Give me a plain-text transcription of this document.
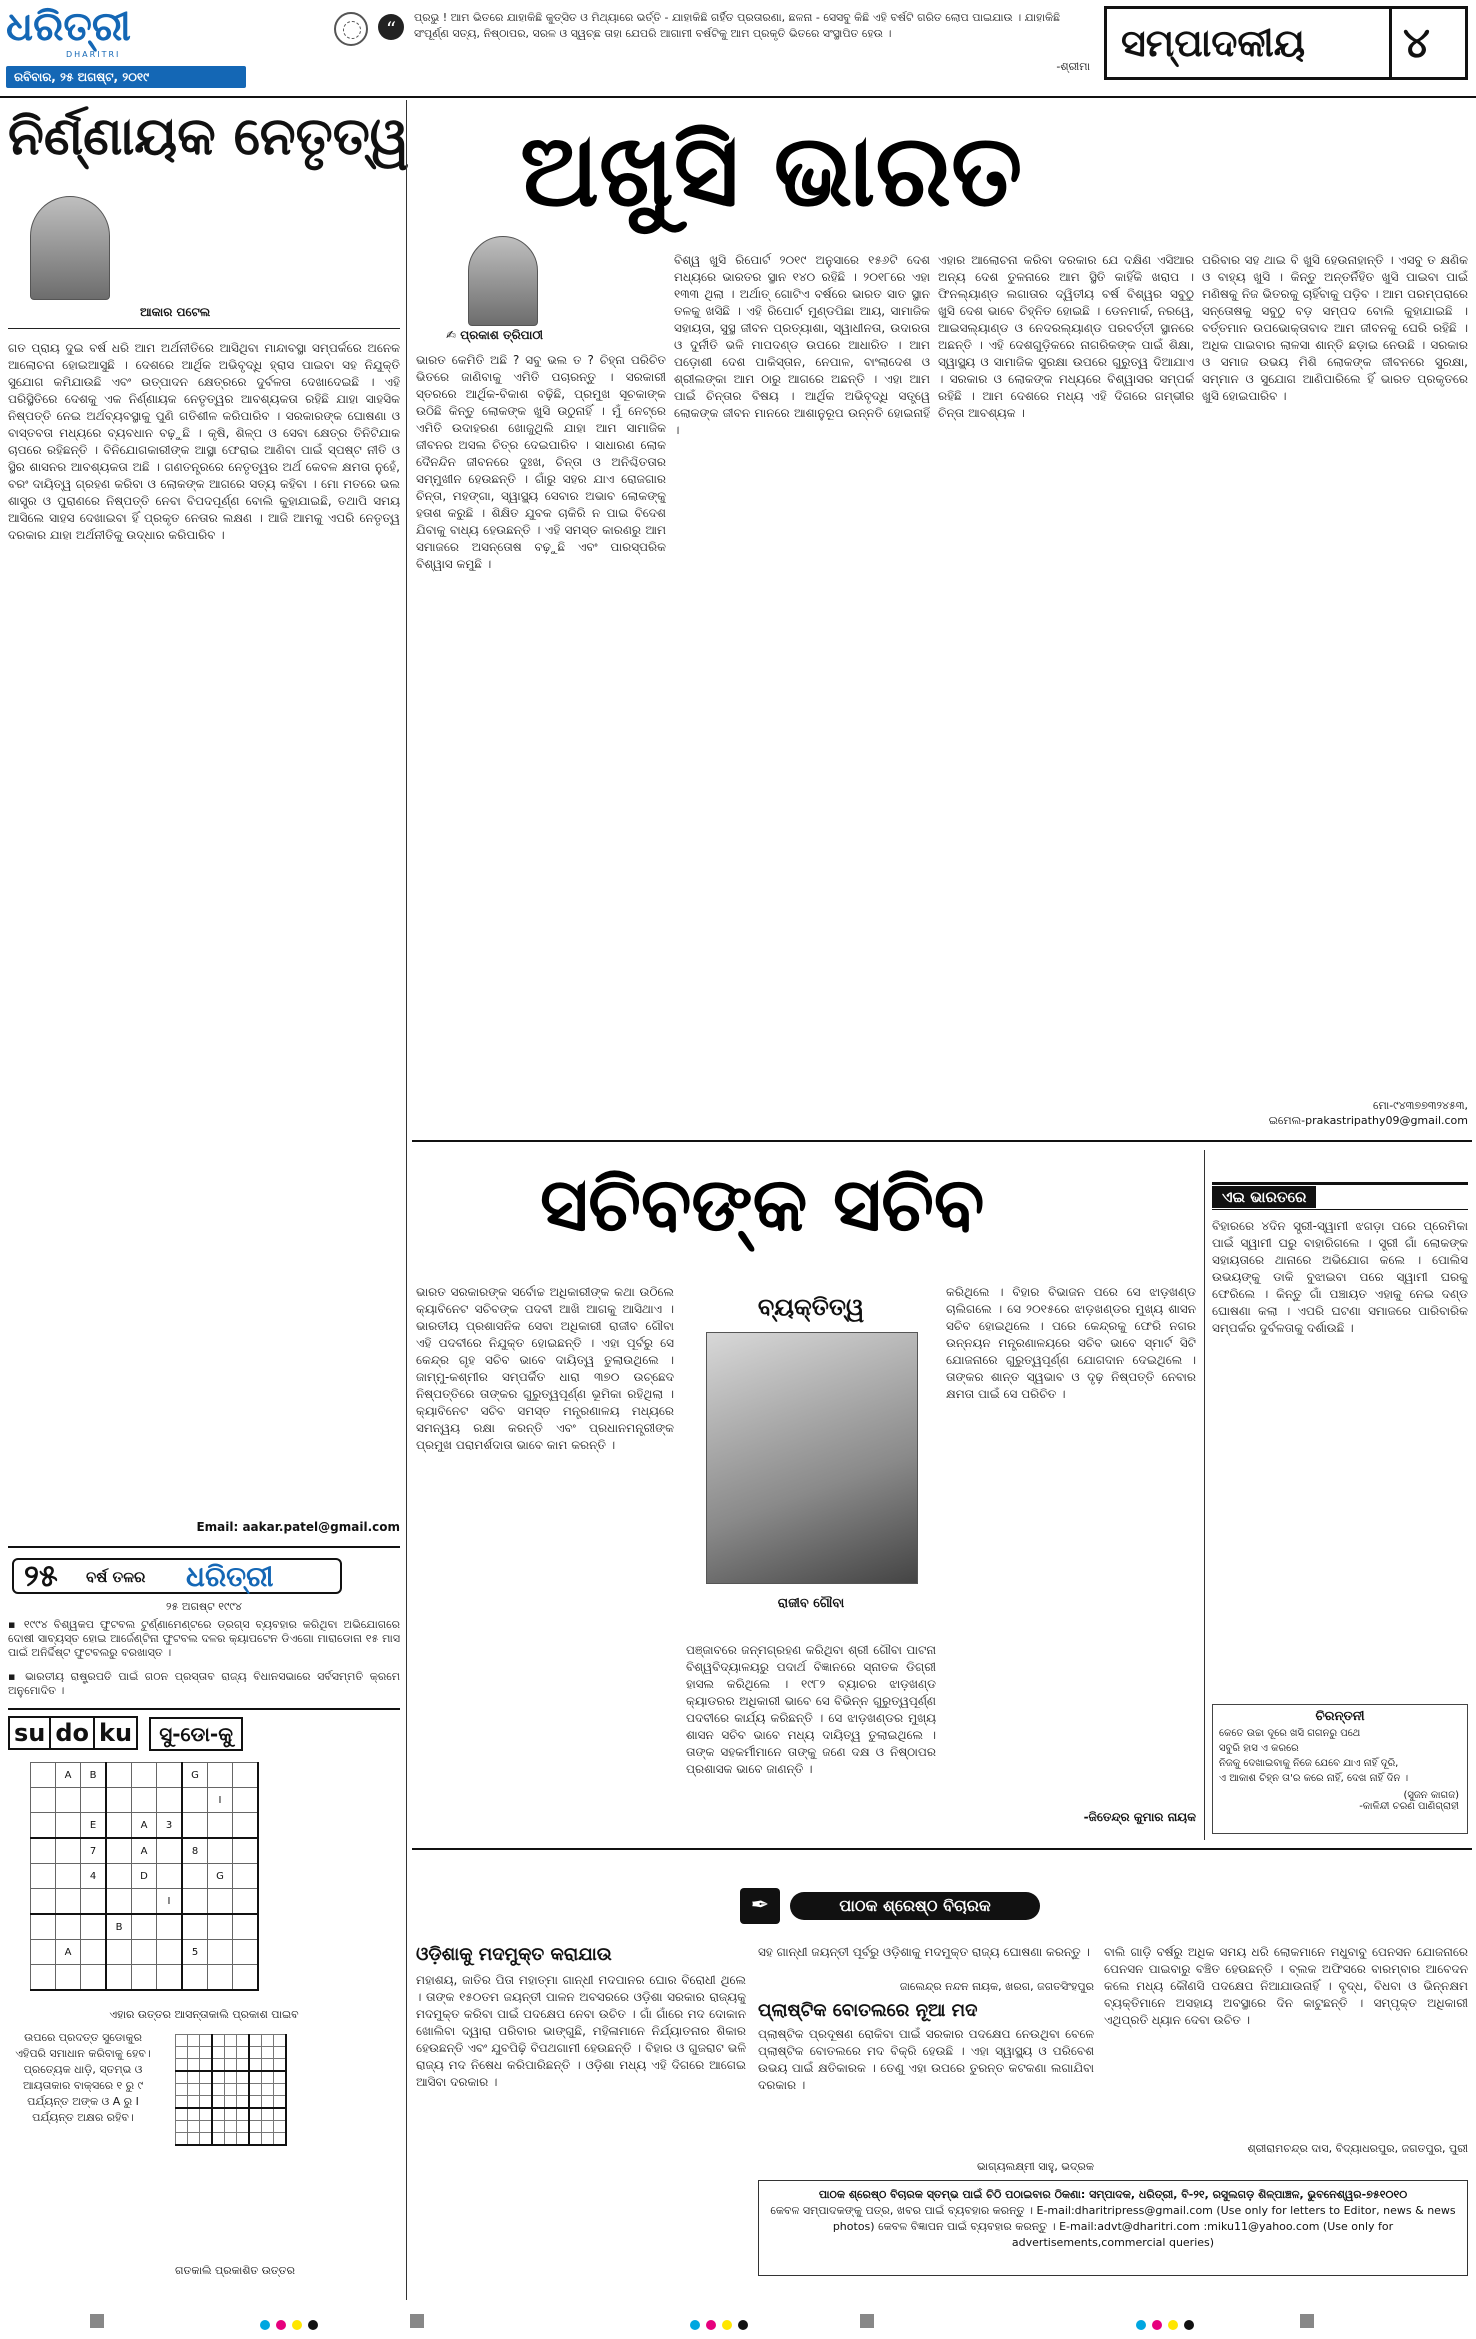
ଧରିତ୍ରୀ
DHARITRI
ରବିବାର, ୨୫ ଅଗଷ୍ଟ, ୨୦୧୯
“	ପ୍ରଭୁ ! ଆମ ଭିତରେ ଯାହାକିଛି କୁତ୍ସିତ ଓ ମିଥ୍ୟାରେ ଭର୍ତ୍ତି - ଯାହାକିଛି ଗର୍ହିତ ପ୍ରତାରଣା, ଛଳନା - ସେସବୁ କିଛି ଏହି ବର୍ଷଟି ଗରିତ ଲୋପ ପାଇଯାଉ । ଯାହାକିଛି ସଂପୂର୍ଣ୍ଣ ସତ୍ୟ, ନିଷ୍ଠାପର, ସରଳ ଓ ସ୍ୱଚ୍ଛ ତାହା ଯେପରି ଆଗାମୀ ବର୍ଷଟିକୁ ଆମ ପ୍ରକୃତି ଭିତରେ ସଂସ୍ଥାପିତ ହେଉ ।
-ଶ୍ରୀମା
ସମ୍ପାଦକୀୟ ୪
ନିର୍ଣ୍ଣାୟକ ନେତୃତ୍ୱ
ଆକାର ପଟେଲ
ଗତ ପ୍ରାୟ ଦୁଇ ବର୍ଷ ଧରି ଆମ ଅର୍ଥନୀତିରେ ଆସିଥିବା ମାନ୍ଦାବସ୍ଥା ସମ୍ପର୍କରେ ଅନେକ ଆଲୋଚନା ହୋଇଆସୁଛି । ଦେଶରେ ଆର୍ଥିକ ଅଭିବୃଦ୍ଧି ହ୍ରାସ ପାଇବା ସହ ନିଯୁକ୍ତି ସୁଯୋଗ କମିଯାଉଛି ଏବଂ ଉତ୍ପାଦନ କ୍ଷେତ୍ରରେ ଦୁର୍ବଳତା ଦେଖାଦେଇଛି । ଏହି ପରିସ୍ଥିତିରେ ଦେଶକୁ ଏକ ନିର୍ଣ୍ଣାୟକ ନେତୃତ୍ୱର ଆବଶ୍ୟକତା ରହିଛି ଯାହା ସାହସିକ ନିଷ୍ପତ୍ତି ନେଇ ଅର୍ଥବ୍ୟବସ୍ଥାକୁ ପୁଣି ଗତିଶୀଳ କରିପାରିବ । ସରକାରଙ୍କ ଘୋଷଣା ଓ ବାସ୍ତବତା ମଧ୍ୟରେ ବ୍ୟବଧାନ ବଢ଼ୁଛି । କୃଷି, ଶିଳ୍ପ ଓ ସେବା କ୍ଷେତ୍ର ତିନିଟିଯାକ ଚାପରେ ରହିଛନ୍ତି । ବିନିଯୋଗକାରୀଙ୍କ ଆସ୍ଥା ଫେରାଇ ଆଣିବା ପାଇଁ ସ୍ପଷ୍ଟ ନୀତି ଓ ସ୍ଥିର ଶାସନର ଆବଶ୍ୟକତା ଅଛି । ଗଣତନ୍ତ୍ରରେ ନେତୃତ୍ୱର ଅର୍ଥ କେବଳ କ୍ଷମତା ନୁହେଁ, ବରଂ ଦାୟିତ୍ୱ ଗ୍ରହଣ କରିବା ଓ ଲୋକଙ୍କ ଆଗରେ ସତ୍ୟ କହିବା । ମୋ ମତରେ ଭଲ ଶାସ୍ତ୍ର ଓ ପୁରାଣରେ ନିଷ୍ପତ୍ତି ନେବା ବିପଦପୂର୍ଣ୍ଣ ବୋଲି କୁହାଯାଇଛି, ତଥାପି ସମୟ ଆସିଲେ ସାହସ ଦେଖାଇବା ହିଁ ପ୍ରକୃତ ନେତାର ଲକ୍ଷଣ । ଆଜି ଆମକୁ ଏପରି ନେତୃତ୍ୱ ଦରକାର ଯାହା ଅର୍ଥନୀତିକୁ ଉଦ୍ଧାର କରିପାରିବ ।
Email: aakar.patel@gmail.com
୨୫ ବର୍ଷ ତଳର ଧରିତ୍ରୀ
୨୫ ଅଗଷ୍ଟ ୧୯୯୪
▪ ୧୯୯୪ ବିଶ୍ୱକପ ଫୁଟବଲ ଟୁର୍ଣ୍ଣାମେଣ୍ଟରେ ଡ୍ରଗ୍ସ ବ୍ୟବହାର କରିଥିବା ଅଭିଯୋଗରେ ଦୋଷୀ ସାବ୍ୟସ୍ତ ହୋଇ ଆର୍ଜେଣ୍ଟିନା ଫୁଟବଲ ଦଳର କ୍ୟାପଟେନ ଡିଏଗୋ ମାରାଡୋନା ୧୫ ମାସ ପାଇଁ ଅନିର୍ଦ୍ଦିଷ୍ଟ ଫୁଟବଲରୁ ବରଖାସ୍ତ ।
▪ ଭାରତୀୟ ରାଷ୍ଟ୍ରପତି ପାଇଁ ଗଠନ ପ୍ରସ୍ତାବ ରାଜ୍ୟ ବିଧାନସଭାରେ ସର୍ବସମ୍ମତି କ୍ରମେ ଅନୁମୋଦିତ ।
su do ku ସୁ-ଡୋ-କୁ
	A	B				G		
							I	
		E		A	3			
		7		A		8		
		4		D			G	
					I			
			B					
	A					5		

ଏହାର ଉତ୍ତର ଆସନ୍ତାକାଲି ପ୍ରକାଶ ପାଇବ
ଉପରେ ପ୍ରଦତ୍ତ ସୁଡୋକୁର ଏହିପରି ସମାଧାନ କରିବାକୁ ହେବ। ପ୍ରତ୍ୟେକ ଧାଡ଼ି, ସ୍ତମ୍ଭ ଓ ଆୟତାକାର ବାକ୍ସରେ ୧ ରୁ ୯ ପର୍ଯ୍ୟନ୍ତ ଅଙ୍କ ଓ A ରୁ I ପର୍ଯ୍ୟନ୍ତ ଅକ୍ଷର ରହିବ।

ଗତକାଲି ପ୍ରକାଶିତ ଉତ୍ତର
ଅଖୁସି ଭାରତ
✍ ପ୍ରକାଶ ତ୍ରିପାଠୀ
ଭାରତ କେମିତି ଅଛି ? ସବୁ ଭଲ ତ ? ଚିହ୍ନା ପରିଚିତ ଭିତରେ ଜାଣିବାକୁ ଏମିତି ପଚାରନ୍ତୁ । ସରକାରୀ ସ୍ତରରେ ଆର୍ଥିକ-ବିକାଶ ବଢ଼ିଛି, ପ୍ରମୁଖ ସୂଚକାଙ୍କ ଉଠିଛି କିନ୍ତୁ ଲୋକଙ୍କ ଖୁସି ଉଠୁନାହିଁ । ମୁଁ ନେଟ୍ରେ ଏମିତି ଉଦାହରଣ ଖୋଜୁଥିଲି ଯାହା ଆମ ସାମାଜିକ ଜୀବନର ଅସଲ ଚିତ୍ର ଦେଇପାରିବ । ସାଧାରଣ ଲୋକ ଦୈନନ୍ଦିନ ଜୀବନରେ ଦୁଃଖ, ଚିନ୍ତା ଓ ଅନିଶ୍ଚିତତାର ସମ୍ମୁଖୀନ ହେଉଛନ୍ତି । ଗାଁରୁ ସହର ଯାଏ ରୋଜଗାର ଚିନ୍ତା, ମହଙ୍ଗା, ସ୍ୱାସ୍ଥ୍ୟ ସେବାର ଅଭାବ ଲୋକଙ୍କୁ ହତାଶ କରୁଛି । ଶିକ୍ଷିତ ଯୁବକ ଚାକିରି ନ ପାଇ ବିଦେଶ ଯିବାକୁ ବାଧ୍ୟ ହେଉଛନ୍ତି । ଏହି ସମସ୍ତ କାରଣରୁ ଆମ ସମାଜରେ ଅସନ୍ତୋଷ ବଢ଼ୁଛି ଏବଂ ପାରସ୍ପରିକ ବିଶ୍ୱାସ କମୁଛି ।
ବିଶ୍ୱ ଖୁସି ରିପୋର୍ଟ ୨୦୧୯ ଅନୁସାରେ ୧୫୬ଟି ଦେଶ ମଧ୍ୟରେ ଭାରତର ସ୍ଥାନ ୧୪୦ ରହିଛି । ୨୦୧୮ରେ ଏହା ୧୩୩ ଥିଲା । ଅର୍ଥାତ୍ ଗୋଟିଏ ବର୍ଷରେ ଭାରତ ସାତ ସ୍ଥାନ ତଳକୁ ଖସିଛି । ଏହି ରିପୋର୍ଟ ମୁଣ୍ଡପିଛା ଆୟ, ସାମାଜିକ ସହାୟତା, ସୁସ୍ଥ ଜୀବନ ପ୍ରତ୍ୟାଶା, ସ୍ୱାଧୀନତା, ଉଦାରତା ଓ ଦୁର୍ନୀତି ଭଳି ମାପଦଣ୍ଡ ଉପରେ ଆଧାରିତ । ଆମ ପଡ଼ୋଶୀ ଦେଶ ପାକିସ୍ତାନ, ନେପାଳ, ବାଂଲାଦେଶ ଓ ଶ୍ରୀଲଙ୍କା ଆମ ଠାରୁ ଆଗରେ ଅଛନ୍ତି । ଏହା ଆମ ପାଇଁ ଚିନ୍ତାର ବିଷୟ । ଆର୍ଥିକ ଅଭିବୃଦ୍ଧି ସତ୍ତ୍ୱେ ଲୋକଙ୍କ ଜୀବନ ମାନରେ ଆଶାନୁରୂପ ଉନ୍ନତି ହୋଇନାହିଁ ।
ଏହାର ଆଲୋଚନା କରିବା ଦରକାର ଯେ ଦକ୍ଷିଣ ଏସିଆର ଅନ୍ୟ ଦେଶ ତୁଳନାରେ ଆମ ସ୍ଥିତି କାହିଁକି ଖରାପ । ଫିନଲ୍ୟାଣ୍ଡ ଲଗାତାର ଦ୍ୱିତୀୟ ବର୍ଷ ବିଶ୍ୱର ସବୁଠୁ ଖୁସି ଦେଶ ଭାବେ ଚିହ୍ନିତ ହୋଇଛି । ଡେନମାର୍କ, ନରୱେ, ଆଇସଲ୍ୟାଣ୍ଡ ଓ ନେଦରଲ୍ୟାଣ୍ଡ ପରବର୍ତ୍ତୀ ସ୍ଥାନରେ ଅଛନ୍ତି । ଏହି ଦେଶଗୁଡ଼ିକରେ ନାଗରିକଙ୍କ ପାଇଁ ଶିକ୍ଷା, ସ୍ୱାସ୍ଥ୍ୟ ଓ ସାମାଜିକ ସୁରକ୍ଷା ଉପରେ ଗୁରୁତ୍ୱ ଦିଆଯାଏ । ସରକାର ଓ ଲୋକଙ୍କ ମଧ୍ୟରେ ବିଶ୍ୱାସର ସମ୍ପର୍କ ରହିଛି । ଆମ ଦେଶରେ ମଧ୍ୟ ଏହି ଦିଗରେ ଗମ୍ଭୀର ଚିନ୍ତା ଆବଶ୍ୟକ ।
ପରିବାର ସହ ଥାଇ ବି ଖୁସି ହେଉନାହାନ୍ତି । ଏସବୁ ତ କ୍ଷଣିକ ଓ ବାହ୍ୟ ଖୁସି । କିନ୍ତୁ ଅନ୍ତର୍ନିହିତ ଖୁସି ପାଇବା ପାଇଁ ମଣିଷକୁ ନିଜ ଭିତରକୁ ଚାହିଁବାକୁ ପଡ଼ିବ । ଆମ ପରମ୍ପରାରେ ସନ୍ତୋଷକୁ ସବୁଠୁ ବଡ଼ ସମ୍ପଦ ବୋଲି କୁହାଯାଇଛି । ବର୍ତ୍ତମାନ ଉପଭୋକ୍ତାବାଦ ଆମ ଜୀବନକୁ ଘେରି ରହିଛି । ଅଧିକ ପାଇବାର ଲାଳସା ଶାନ୍ତି ଛଡ଼ାଇ ନେଉଛି । ସରକାର ଓ ସମାଜ ଉଭୟ ମିଶି ଲୋକଙ୍କ ଜୀବନରେ ସୁରକ୍ଷା, ସମ୍ମାନ ଓ ସୁଯୋଗ ଆଣିପାରିଲେ ହିଁ ଭାରତ ପ୍ରକୃତରେ ଖୁସି ହୋଇପାରିବ ।
ମୋ-୯୪୩୭୭୩୨୪୫୩,
ଇମେଲ-prakastripathy09@gmail.com
ସଚିବଙ୍କ ସଚିବ
ଭାରତ ସରକାରଙ୍କ ସର୍ବୋଚ୍ଚ ଅଧିକାରୀଙ୍କ କଥା ଉଠିଲେ କ୍ୟାବିନେଟ ସଚିବଙ୍କ ପଦବୀ ଆଖି ଆଗକୁ ଆସିଥାଏ । ଭାରତୀୟ ପ୍ରଶାସନିକ ସେବା ଅଧିକାରୀ ରାଜୀବ ଗୌବା ଏହି ପଦବୀରେ ନିଯୁକ୍ତ ହୋଇଛନ୍ତି । ଏହା ପୂର୍ବରୁ ସେ କେନ୍ଦ୍ର ଗୃହ ସଚିବ ଭାବେ ଦାୟିତ୍ୱ ତୁଲାଉଥିଲେ । ଜାମ୍ମୁ-କଶ୍ମୀର ସମ୍ପର୍କିତ ଧାରା ୩୭୦ ଉଚ୍ଛେଦ ନିଷ୍ପତ୍ତିରେ ତାଙ୍କର ଗୁରୁତ୍ୱପୂର୍ଣ୍ଣ ଭୂମିକା ରହିଥିଲା । କ୍ୟାବିନେଟ ସଚିବ ସମସ୍ତ ମନ୍ତ୍ରଣାଳୟ ମଧ୍ୟରେ ସମନ୍ୱୟ ରକ୍ଷା କରନ୍ତି ଏବଂ ପ୍ରଧାନମନ୍ତ୍ରୀଙ୍କ ପ୍ରମୁଖ ପରାମର୍ଶଦାତା ଭାବେ କାମ କରନ୍ତି ।
ବ୍ୟକ୍ତିତ୍ୱ
ରାଜୀବ ଗୌବା
ପଞ୍ଜାବରେ ଜନ୍ମଗ୍ରହଣ କରିଥିବା ଶ୍ରୀ ଗୌବା ପାଟନା ବିଶ୍ୱବିଦ୍ୟାଳୟରୁ ପଦାର୍ଥ ବିଜ୍ଞାନରେ ସ୍ନାତକ ଡିଗ୍ରୀ ହାସଲ କରିଥିଲେ । ୧୯୮୨ ବ୍ୟାଚର ଝାଡ଼ଖଣ୍ଡ କ୍ୟାଡରର ଅଧିକାରୀ ଭାବେ ସେ ବିଭିନ୍ନ ଗୁରୁତ୍ୱପୂର୍ଣ୍ଣ ପଦବୀରେ କାର୍ଯ୍ୟ କରିଛନ୍ତି । ସେ ଝାଡ଼ଖଣ୍ଡର ମୁଖ୍ୟ ଶାସନ ସଚିବ ଭାବେ ମଧ୍ୟ ଦାୟିତ୍ୱ ତୁଲାଇଥିଲେ । ତାଙ୍କ ସହକର୍ମୀମାନେ ତାଙ୍କୁ ଜଣେ ଦକ୍ଷ ଓ ନିଷ୍ଠାପର ପ୍ରଶାସକ ଭାବେ ଜାଣନ୍ତି ।
କରିଥିଲେ । ବିହାର ବିଭାଜନ ପରେ ସେ ଝାଡ଼ଖଣ୍ଡ ଚାଲିଗଲେ । ସେ ୨୦୧୫ରେ ଝାଡ଼ଖଣ୍ଡର ମୁଖ୍ୟ ଶାସନ ସଚିବ ହୋଇଥିଲେ । ପରେ କେନ୍ଦ୍ରକୁ ଫେରି ନଗର ଉନ୍ନୟନ ମନ୍ତ୍ରଣାଳୟରେ ସଚିବ ଭାବେ ସ୍ମାର୍ଟ ସିଟି ଯୋଜନାରେ ଗୁରୁତ୍ୱପୂର୍ଣ୍ଣ ଯୋଗଦାନ ଦେଇଥିଲେ । ତାଙ୍କର ଶାନ୍ତ ସ୍ୱଭାବ ଓ ଦୃଢ଼ ନିଷ୍ପତ୍ତି ନେବାର କ୍ଷମତା ପାଇଁ ସେ ପରିଚିତ ।
-ଜିତେନ୍ଦ୍ର କୁମାର ନାୟକ
ଏଇ ଭାରତରେ
ବିହାରରେ ୪ଦିନ ସ୍ତ୍ରୀ-ସ୍ୱାମୀ ଝଗଡ଼ା ପରେ ପ୍ରେମିକା ପାଇଁ ସ୍ୱାମୀ ଘରୁ ବାହାରିଗଲେ । ସ୍ତ୍ରୀ ଗାଁ ଲୋକଙ୍କ ସହାୟତାରେ ଥାନାରେ ଅଭିଯୋଗ କଲେ । ପୋଲିସ ଉଭୟଙ୍କୁ ଡାକି ବୁଝାଇବା ପରେ ସ୍ୱାମୀ ଘରକୁ ଫେରିଲେ । କିନ୍ତୁ ଗାଁ ପଞ୍ଚାୟତ ଏହାକୁ ନେଇ ଦଣ୍ଡ ଘୋଷଣା କଲା । ଏପରି ଘଟଣା ସମାଜରେ ପାରିବାରିକ ସମ୍ପର୍କର ଦୁର୍ବଳତାକୁ ଦର୍ଶାଉଛି ।
ଚିରନ୍ତନୀ
କେତେ ଉଚ୍ଚା ଦୂରେ ଖସି ଗଗନରୁ ପଥେ
ସବୁରି ହାସ ଏ କରରେ
ନିଜକୁ ଦେଖାଇବାକୁ ନିଜେ ଯେବେ ଯାଏ ନାହିଁ ଦୂରି,
ଏ ଆକାଶ ଚିହ୍ନ ତା'ର କରେ ନାହିଁ, ଦେଖ ନାହିଁ ଦିନ ।
(ସୁଜନ କାଗଜ)
-କାଳିନ୍ଦୀ ଚରଣ ପାଣିଗ୍ରାହୀ
✒	ପାଠକ ଶ୍ରେଷ୍ଠ ବିଚାରକ
ଓଡ଼ିଶାକୁ ମଦମୁକ୍ତ କରାଯାଉ
ମହାଶୟ, ଜାତିର ପିତା ମହାତ୍ମା ଗାନ୍ଧୀ ମଦପାନର ଘୋର ବିରୋଧୀ ଥିଲେ । ତାଙ୍କ ୧୫୦ତମ ଜୟନ୍ତୀ ପାଳନ ଅବସରରେ ଓଡ଼ିଶା ସରକାର ରାଜ୍ୟକୁ ମଦମୁକ୍ତ କରିବା ପାଇଁ ପଦକ୍ଷେପ ନେବା ଉଚିତ । ଗାଁ ଗାଁରେ ମଦ ଦୋକାନ ଖୋଲିବା ଦ୍ୱାରା ପରିବାର ଭାଙ୍ଗୁଛି, ମହିଳାମାନେ ନିର୍ଯ୍ୟାତନାର ଶିକାର ହେଉଛନ୍ତି ଏବଂ ଯୁବପିଢ଼ି ବିପଥଗାମୀ ହେଉଛନ୍ତି । ବିହାର ଓ ଗୁଜରାଟ ଭଳି ରାଜ୍ୟ ମଦ ନିଷେଧ କରିପାରିଛନ୍ତି । ଓଡ଼ିଶା ମଧ୍ୟ ଏହି ଦିଗରେ ଆଗେଇ ଆସିବା ଦରକାର ।
ସହ ଗାନ୍ଧୀ ଜୟନ୍ତୀ ପୂର୍ବରୁ ଓଡ଼ିଶାକୁ ମଦମୁକ୍ତ ରାଜ୍ୟ ଘୋଷଣା କରନ୍ତୁ ।
ଜାଲେନ୍ଦ୍ର ନନ୍ଦନ ନାୟକ, ଖରଗ, ଜଗତସିଂହପୁର
ପ୍ଲାଷ୍ଟିକ ବୋତଲରେ ନୂଆ ମଦ
ପ୍ଲାଷ୍ଟିକ ପ୍ରଦୂଷଣ ରୋକିବା ପାଇଁ ସରକାର ପଦକ୍ଷେପ ନେଉଥିବା ବେଳେ ପ୍ଲାଷ୍ଟିକ ବୋତଲରେ ମଦ ବିକ୍ରି ହେଉଛି । ଏହା ସ୍ୱାସ୍ଥ୍ୟ ଓ ପରିବେଶ ଉଭୟ ପାଇଁ କ୍ଷତିକାରକ । ତେଣୁ ଏହା ଉପରେ ତୁରନ୍ତ କଟକଣା ଲଗାଯିବା ଦରକାର ।
ଭାଗ୍ୟଲକ୍ଷ୍ମୀ ସାହୁ, ଭଦ୍ରକ
ବାଲି ଗାଡ଼ି ବର୍ଷରୁ ଅଧିକ ସମୟ ଧରି ଲୋକମାନେ ମଧୁବାବୁ ପେନସନ ଯୋଜନାରେ ପେନସନ ପାଇବାରୁ ବଞ୍ଚିତ ହେଉଛନ୍ତି । ବ୍ଲକ ଅଫିସରେ ବାରମ୍ବାର ଆବେଦନ କଲେ ମଧ୍ୟ କୌଣସି ପଦକ୍ଷେପ ନିଆଯାଉନାହିଁ । ବୃଦ୍ଧ, ବିଧବା ଓ ଭିନ୍ନକ୍ଷମ ବ୍ୟକ୍ତିମାନେ ଅସହାୟ ଅବସ୍ଥାରେ ଦିନ କାଟୁଛନ୍ତି । ସମ୍ପୃକ୍ତ ଅଧିକାରୀ ଏଥିପ୍ରତି ଧ୍ୟାନ ଦେବା ଉଚିତ ।
ଶ୍ରୀରାମଚନ୍ଦ୍ର ଦାସ, ବିଦ୍ୟାଧରପୁର, ଜଗତପୁର, ପୁରୀ
ପାଠକ ଶ୍ରେଷ୍ଠ ବିଚାରକ ସ୍ତମ୍ଭ ପାଇଁ ଚିଠି ପଠାଇବାର ଠିକଣା: ସମ୍ପାଦକ, ଧରିତ୍ରୀ, ବି-୨୧, ରସୁଲଗଡ଼ ଶିଳ୍ପାଞ୍ଚଳ, ଭୁବନେଶ୍ୱର-୭୫୧୦୧୦
କେବଳ ସମ୍ପାଦକଙ୍କୁ ପତ୍ର, ଖବର ପାଇଁ ବ୍ୟବହାର କରନ୍ତୁ । E-mail:dharitripress@gmail.com (Use only for letters to Editor, news & news photos) କେବଳ ବିଜ୍ଞାପନ ପାଇଁ ବ୍ୟବହାର କରନ୍ତୁ । E-mail:advt@dharitri.com :miku11@yahoo.com (Use only for advertisements,commercial queries)
